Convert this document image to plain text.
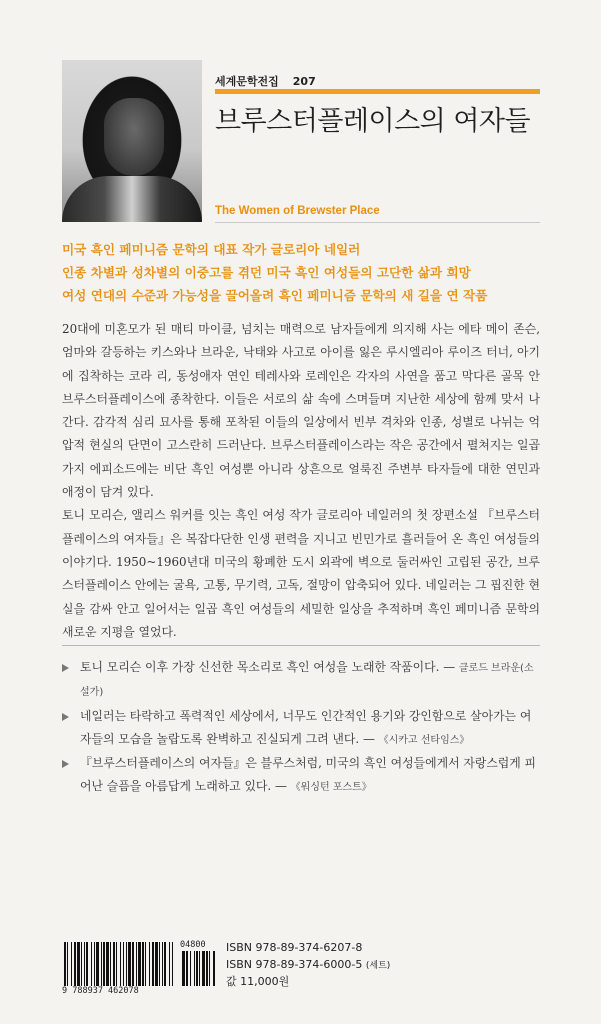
세계문학전집 207
브루스터플레이스의 여자들
The Women of Brewster Place
미국 흑인 페미니즘 문학의 대표 작가 글로리아 네일러
인종 차별과 성차별의 이중고를 겪던 미국 흑인 여성들의 고단한 삶과 희망
여성 연대의 수준과 가능성을 끌어올려 흑인 페미니즘 문학의 새 길을 연 작품

20대에 미혼모가 된 매티 마이클, 넘치는 매력으로 남자들에게 의지해 사는 에타 메이 존슨, 엄마와 갈등하는 키스와나 브라운, 낙태와 사고로 아이를 잃은 루시엘리아 루이즈 터너, 아기에 집착하는 코라 리, 동성애자 연인 테레사와 로레인은 각자의 사연을 품고 막다른 골목 안 브루스터플레이스에 종착한다. 이들은 서로의 삶 속에 스며들며 지난한 세상에 함께 맞서 나간다. 감각적 심리 묘사를 통해 포착된 이들의 일상에서 빈부 격차와 인종, 성별로 나뉘는 억압적 현실의 단면이 고스란히 드러난다. 브루스터플레이스라는 작은 공간에서 펼쳐지는 일곱 가지 에피소드에는 비단 흑인 여성뿐 아니라 상흔으로 얼룩진 주변부 타자들에 대한 연민과 애정이 담겨 있다.

토니 모리슨, 앨리스 워커를 잇는 흑인 여성 작가 글로리아 네일러의 첫 장편소설 『브루스터플레이스의 여자들』은 복잡다단한 인생 편력을 지니고 빈민가로 흘러들어 온 흑인 여성들의 이야기다. 1950~1960년대 미국의 황폐한 도시 외곽에 벽으로 둘러싸인 고립된 공간, 브루스터플레이스 안에는 굴욕, 고통, 무기력, 고독, 절망이 압축되어 있다. 네일러는 그 핍진한 현실을 감싸 안고 일어서는 일곱 흑인 여성들의 세밀한 일상을 추적하며 흑인 페미니즘 문학의 새로운 지평을 열었다.

토니 모리슨 이후 가장 신선한 목소리로 흑인 여성을 노래한 작품이다. — 클로드 브라운(소설가)
네일러는 타락하고 폭력적인 세상에서, 너무도 인간적인 용기와 강인함으로 살아가는 여자들의 모습을 놀랍도록 완벽하고 진실되게 그려 낸다. — 《시카고 선타임스》
『브루스터플레이스의 여자들』은 블루스처럼, 미국의 흑인 여성들에게서 자랑스럽게 피어난 슬픔을 아름답게 노래하고 있다. — 《워싱턴 포스트》
9 788937 462078
04800 ISBN 978-89-374-6207-8
ISBN 978-89-374-6000-5 (세트)
값 11,000원
